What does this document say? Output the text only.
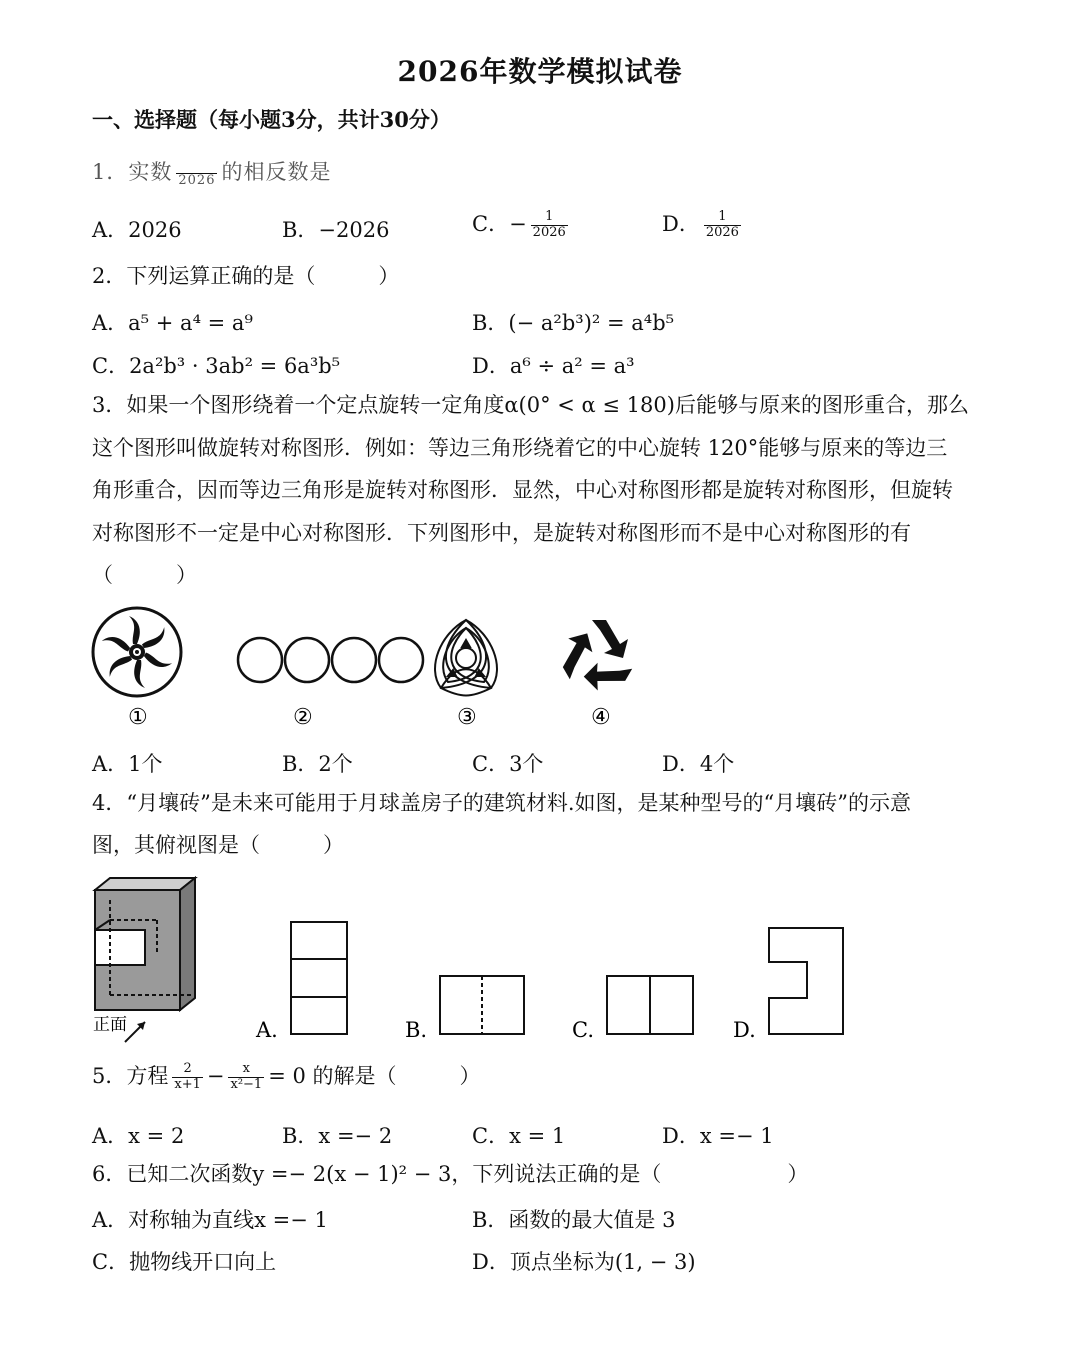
2026年数学模拟试卷
一、选择题（每小题3分，共计30分）
1．实数
    2026 的相反数是
A．2026	B．−2026	C．− $\frac{1}{2026}$	D． $\frac{1}{2026}$
2．下列运算正确的是（　　　）
A．a⁵ + a⁴ = a⁹	B．(− a²b³)² = a⁴b⁵
C．2a²b³ · 3ab² = 6a³b⁵	D．a⁶ ÷ a² = a³
3．如果一个图形绕着一个定点旋转一定角度α(0° < α ≤ 180)后能够与原来的图形重合，那么
这个图形叫做旋转对称图形．例如：等边三角形绕着它的中心旋转 120°能够与原来的等边三
角形重合，因而等边三角形是旋转对称图形．显然，中心对称图形都是旋转对称图形，但旋转
对称图形不一定是中心对称图形．下列图形中，是旋转对称图形而不是中心对称图形的有
（　　　）
①	②	③	④
A．1个	B．2个	C．3个	D．4个
4．“月壤砖”是未来可能用于月球盖房子的建筑材料.如图，是某种型号的“月壤砖”的示意
图，其俯视图是（　　　）
正面	A.	B.	C.	D.
5．方程 $\frac{2}{x+1} - \frac{x}{\text{x²−1}} = 0$ 的解是（　　　）
A．x = 2	B．x =− 2	C．x = 1	D．x =− 1
6．已知二次函数y =− 2(x − 1)² − 3，下列说法正确的是（　　　　　　）
A．对称轴为直线x =− 1	B．函数的最大值是 3
C．抛物线开口向上	D．顶点坐标为(1, − 3)
